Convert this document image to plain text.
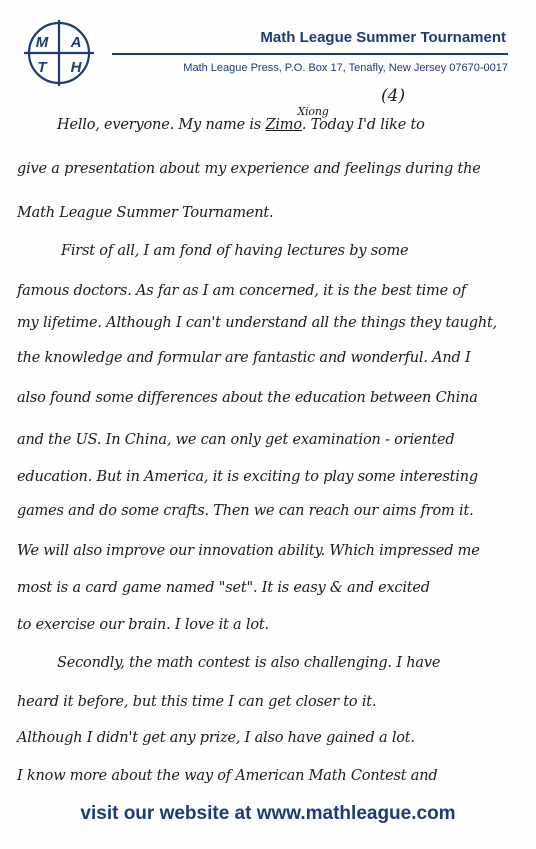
M A
T H
Math League Summer Tournament
Math League Press, P.O. Box 17, Tenafly, New Jersey 07670-0017
Hello, everyone. My name is Zimo
Xiong
. Today I'd like to
(4)
give a presentation about my experience and feelings during the
Math League Summer Tournament.
First of all, I am fond of having lectures by some
famous doctors. As far as I am concerned, it is the best time of
my lifetime. Although I can't understand all the things they taught,
the knowledge and formular are fantastic and wonderful. And I
also found some differences about the education between China
and the US. In China, we can only get examination - oriented
education. But in America, it is exciting to play some interesting
games and do some crafts. Then we can reach our aims from it.
We will also improve our innovation ability. Which impressed me
most is a card game named "set". It is easy & and excited
to exercise our brain. I love it a lot.
Secondly, the math contest is also challenging. I have
heard it before, but this time I can get closer to it.
Although I didn't get any prize, I also have gained a lot.
I know more about the way of American Math Contest and
visit our website at www.mathleague.com
